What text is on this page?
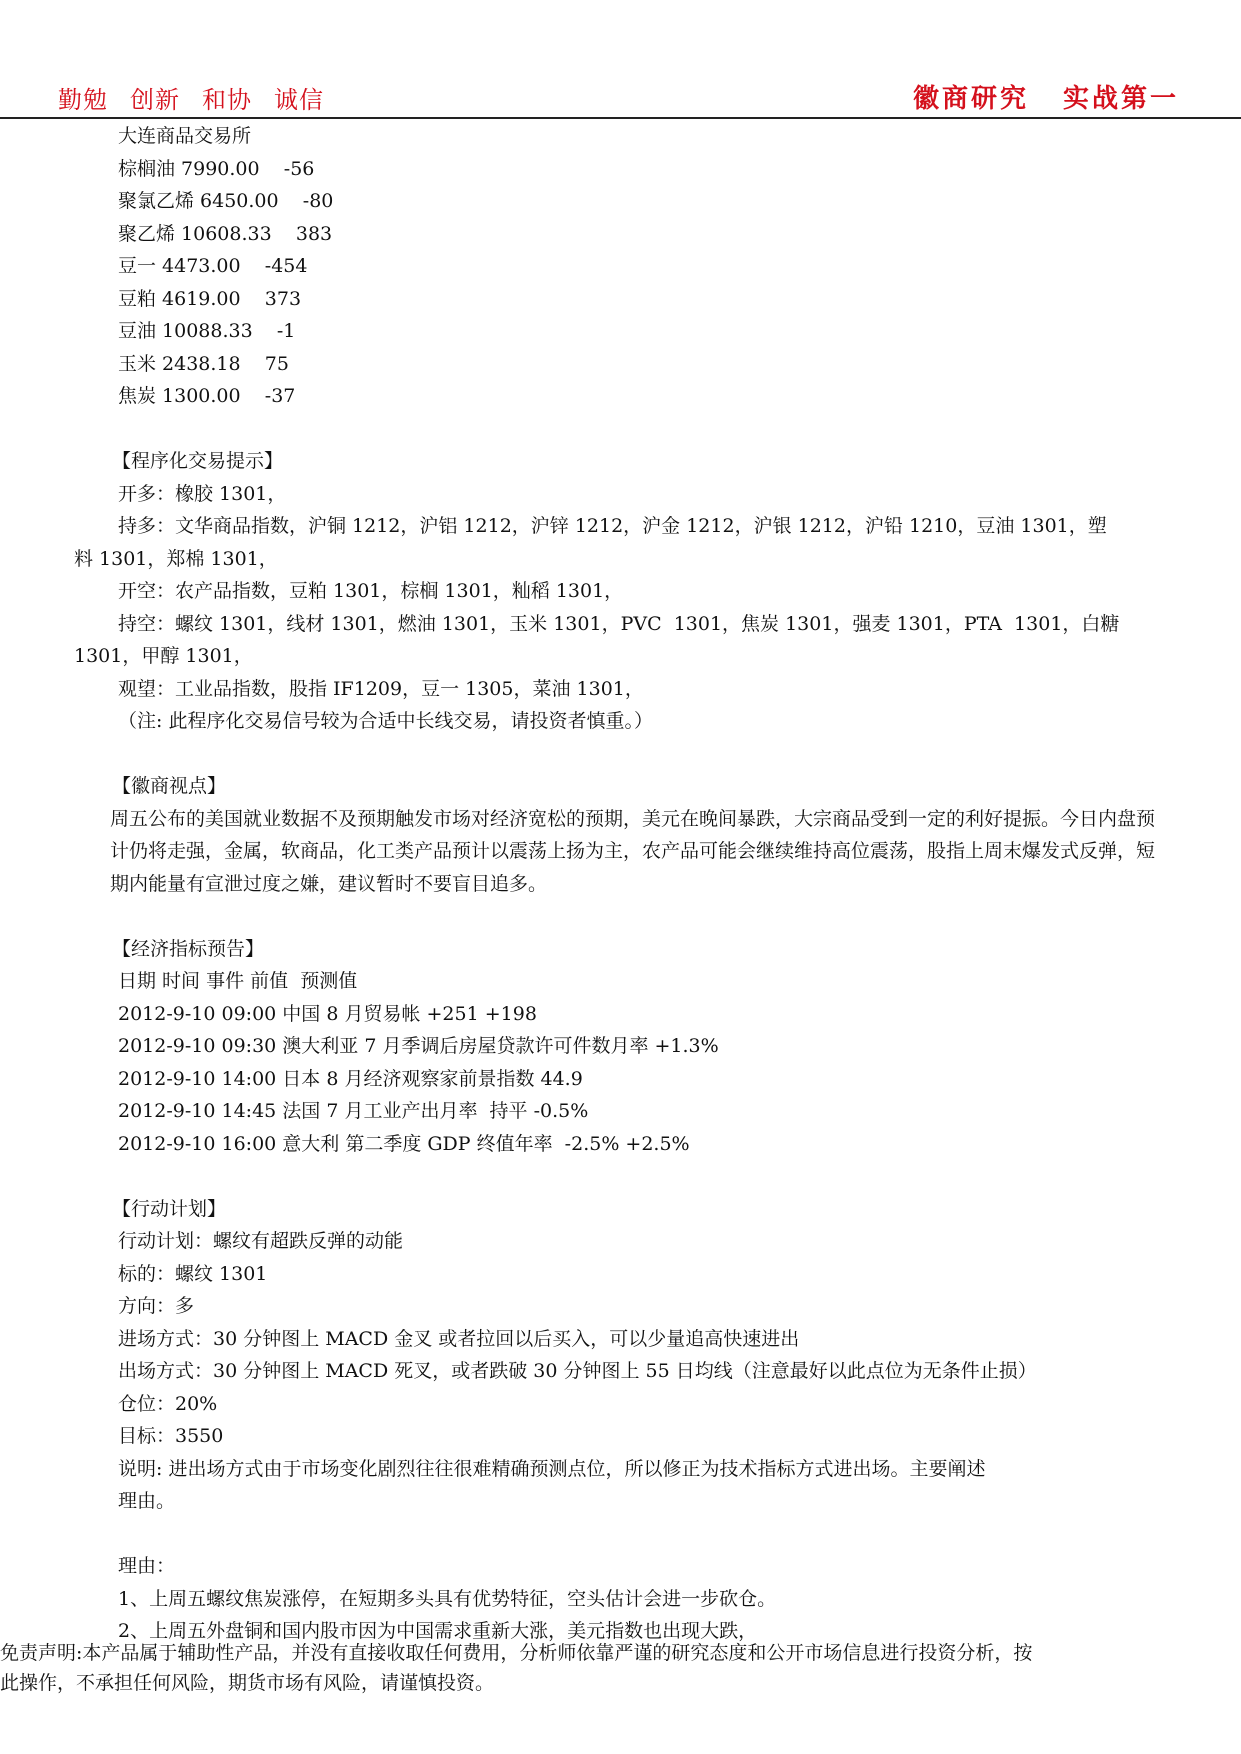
勤勉 创新 和协 诚信	徽商研究 实战第一
大连商品交易所
棕榈油 7990.00    -56
聚氯乙烯 6450.00    -80
聚乙烯 10608.33    383
豆一 4473.00    -454
豆粕 4619.00    373
豆油 10088.33    -1
玉米 2438.18    75
焦炭 1300.00    -37
【程序化交易提示】
开多：橡胶 1301，
持多：文华商品指数，沪铜 1212，沪铝 1212，沪锌 1212，沪金 1212，沪银 1212，沪铅 1210，豆油 1301，塑
料 1301，郑棉 1301，
开空：农产品指数，豆粕 1301，棕榈 1301，籼稻 1301，
持空：螺纹 1301，线材 1301，燃油 1301，玉米 1301，PVC  1301，焦炭 1301，强麦 1301，PTA  1301，白糖
1301，甲醇 1301，
观望：工业品指数，股指 IF1209，豆一 1305，菜油 1301，
（注: 此程序化交易信号较为合适中长线交易，请投资者慎重。）
【徽商视点】
周五公布的美国就业数据不及预期触发市场对经济宽松的预期，美元在晚间暴跌，大宗商品受到一定的利好提振。今日内盘预计仍将走强，金属，软商品，化工类产品预计以震荡上扬为主，农产品可能会继续维持高位震荡，股指上周末爆发式反弹，短期内能量有宣泄过度之嫌，建议暂时不要盲目追多。
【经济指标预告】
日期 时间 事件 前值  预测值
2012-9-10 09:00 中国 8 月贸易帐 +251 +198
2012-9-10 09:30 澳大利亚 7 月季调后房屋贷款许可件数月率 +1.3%
2012-9-10 14:00 日本 8 月经济观察家前景指数 44.9
2012-9-10 14:45 法国 7 月工业产出月率  持平 -0.5%
2012-9-10 16:00 意大利 第二季度 GDP 终值年率  -2.5% +2.5%
【行动计划】
行动计划：螺纹有超跌反弹的动能
标的：螺纹 1301
方向：多
进场方式：30 分钟图上 MACD 金叉 或者拉回以后买入，可以少量追高快速进出
出场方式：30 分钟图上 MACD 死叉，或者跌破 30 分钟图上 55 日均线（注意最好以此点位为无条件止损）
仓位：20%
目标：3550
说明: 进出场方式由于市场变化剧烈往往很难精确预测点位，所以修正为技术指标方式进出场。主要阐述
理由。
理由：
1、上周五螺纹焦炭涨停，在短期多头具有优势特征，空头估计会进一步砍仓。
2、上周五外盘铜和国内股市因为中国需求重新大涨，美元指数也出现大跌，
免责声明:本产品属于辅助性产品，并没有直接收取任何费用，分析师依靠严谨的研究态度和公开市场信息进行投资分析，按
此操作，不承担任何风险，期货市场有风险，请谨慎投资。
